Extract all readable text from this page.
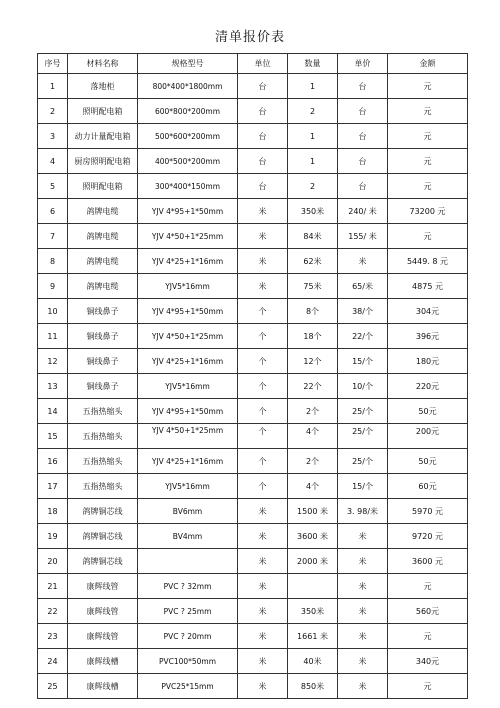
清单报价表
序号	材料名称	规格型号	单位	数量	单价	金额
1	落地柜	800*400*1800mm	台	1	台	元
2	照明配电箱	600*800*200mm	台	2	台	元
3	动力计量配电箱	500*600*200mm	台	1	台	元
4	厨房照明配电箱	400*500*200mm	台	1	台	元
5	照明配电箱	300*400*150mm	台	2	台	元
6	鸽牌电缆	YJV 4*95+1*50mm	米	350米	240/ 米	73200 元
7	鸽牌电缆	YJV 4*50+1*25mm	米	84米	155/ 米	元
8	鸽牌电缆	YJV 4*25+1*16mm	米	62米	米	5449. 8 元
9	鸽牌电缆	YJV5*16mm	米	75米	65/米	4875 元
10	铜线鼻子	YJV 4*95+1*50mm	个	8个	38/个	304元
11	铜线鼻子	YJV 4*50+1*25mm	个	18个	22/个	396元
12	铜线鼻子	YJV 4*25+1*16mm	个	12个	15/个	180元
13	铜线鼻子	YJV5*16mm	个	22个	10/个	220元
14	五指热缩头	YJV 4*95+1*50mm	个	2个	25/个	50元
15	五指热缩头	YJV 4*50+1*25mm	个	4个	25/个	200元

16	五指热缩头	YJV 4*25+1*16mm	个	2个	25/个	50元
17	五指热缩头	YJV5*16mm	个	4个	15/个	60元
18	鸽牌铜芯线	BV6mm	米	1500 米	3. 98/米	5970 元
19	鸽牌铜芯线	BV4mm	米	3600 米	米	9720 元
20	鸽牌铜芯线		米	2000 米	米	3600 元
21	康辉线管	PVC ? 32mm	米		米	元
22	康辉线管	PVC ? 25mm	米	350米	米	560元
23	康辉线管	PVC ? 20mm	米	1661 米	米	元
24	康辉线槽	PVC100*50mm	米	40米	米	340元
25	康辉线槽	PVC25*15mm	米	850米	米	元
